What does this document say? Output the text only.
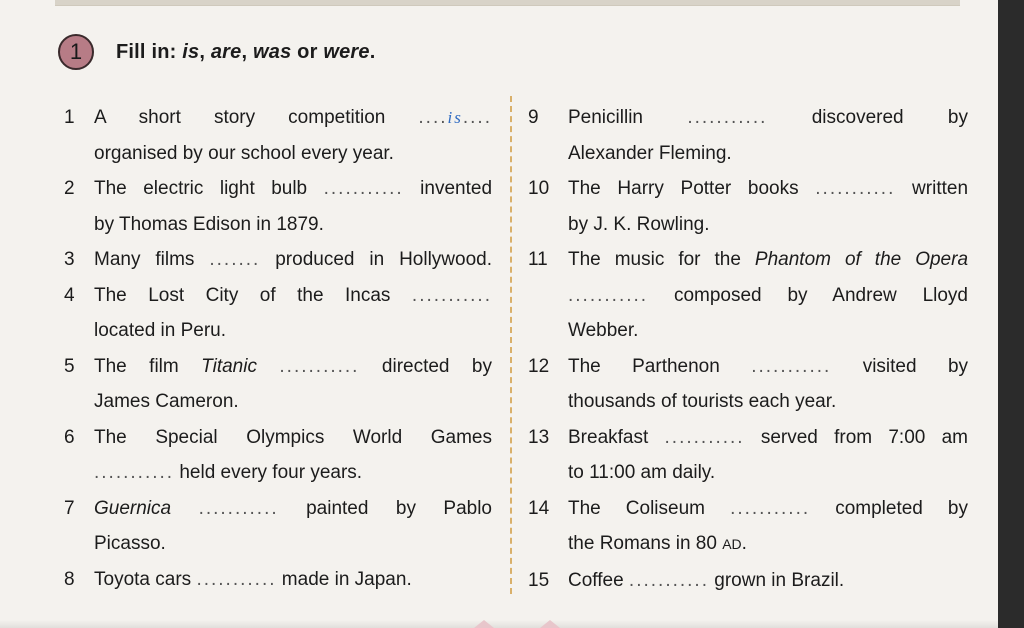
1	Fill in: is, are, was or were.
1	A short story competition ....is....
organised by our school every year.
2	The electric light bulb ........... invented
by Thomas Edison in 1879.
3	Many films ....... produced in Hollywood.
4	The Lost City of the Incas ...........
located in Peru.
5	The film Titanic ........... directed by
James Cameron.
6	The Special Olympics World Games
........... held every four years.
7	Guernica ........... painted by Pablo
Picasso.
8	Toyota cars ........... made in Japan.
9	Penicillin ........... discovered by
Alexander Fleming.
10 The Harry Potter books ........... written
by J. K. Rowling.
11	The music for the Phantom of the Opera
........... composed by Andrew Lloyd
Webber.
12 The Parthenon ........... visited by
thousands of tourists each year.
13 Breakfast ........... served from 7:00 am
to 11:00 am daily.
14 The Coliseum ........... completed by
the Romans in 80 AD.
15 Coffee ........... grown in Brazil.
